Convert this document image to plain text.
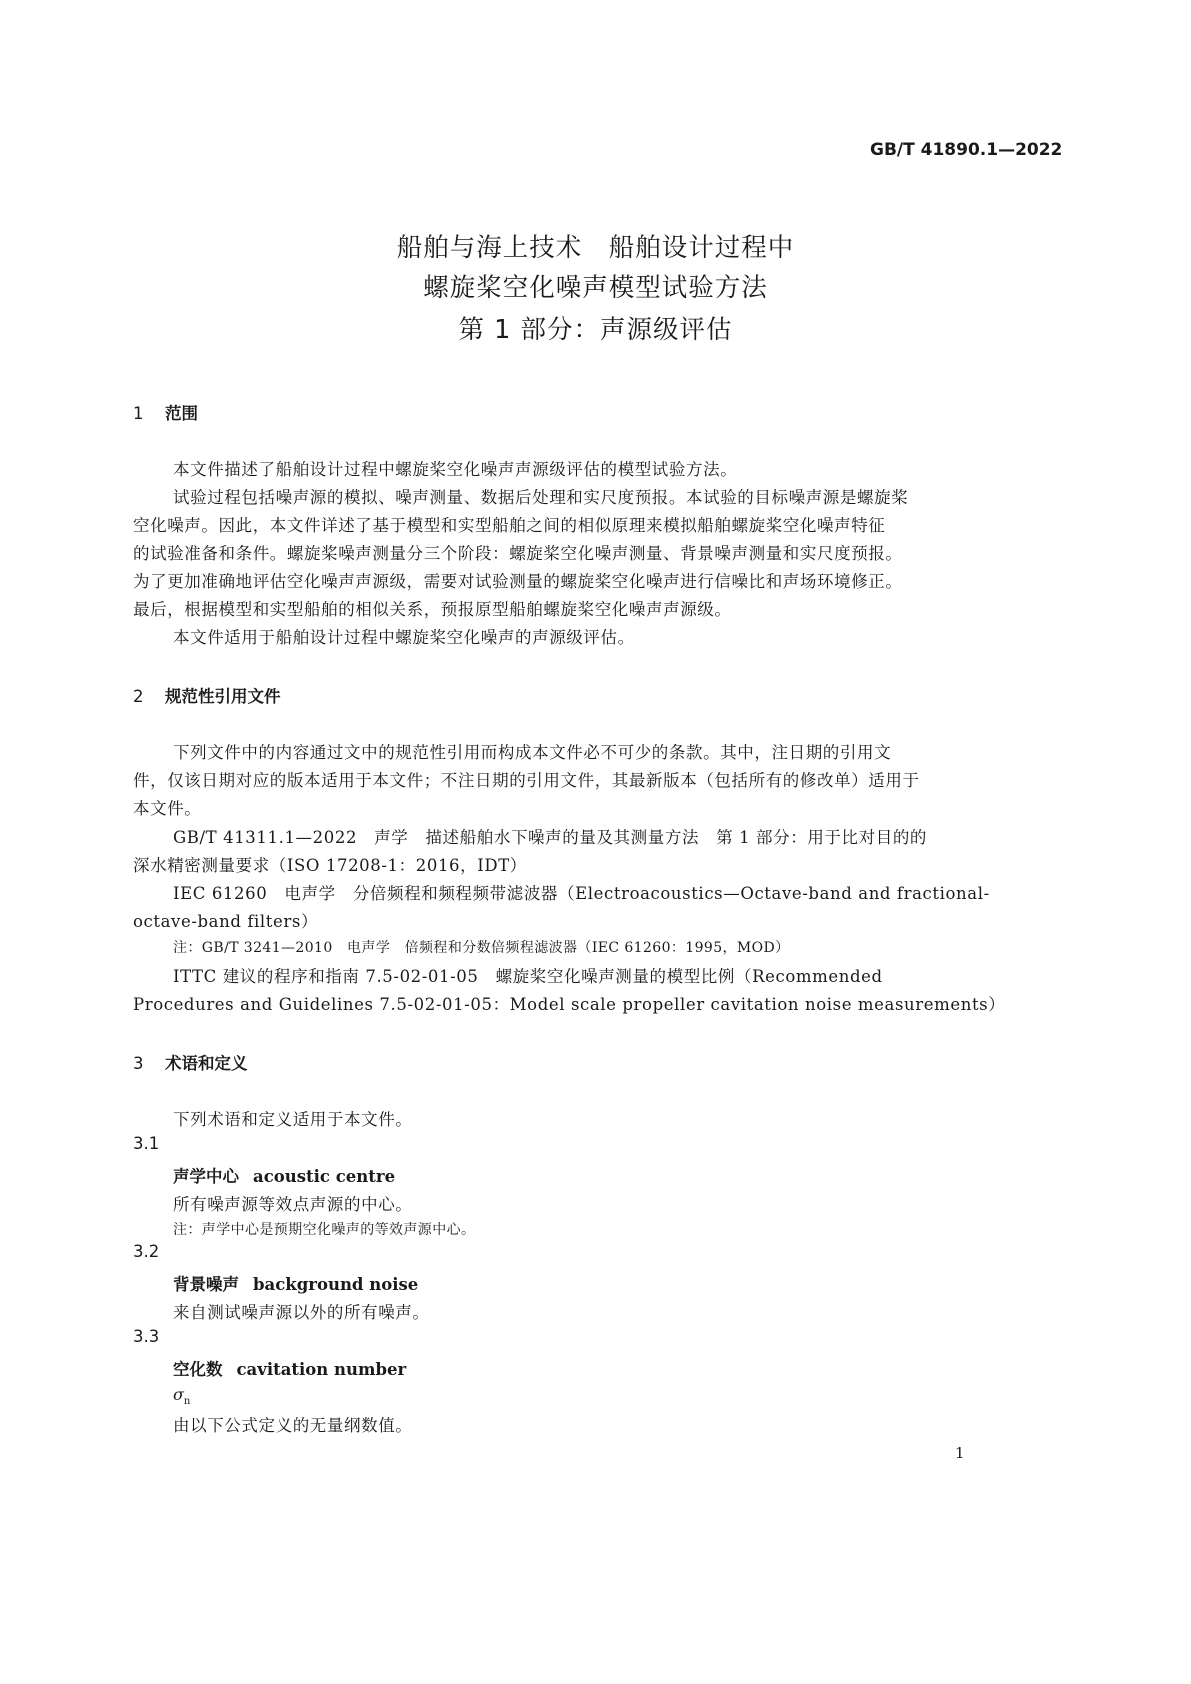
GB/T 41890.1—2022
船舶与海上技术　船舶设计过程中
螺旋桨空化噪声模型试验方法
第 1 部分：声源级评估
1 范围
本文件描述了船舶设计过程中螺旋桨空化噪声声源级评估的模型试验方法。
试验过程包括噪声源的模拟、噪声测量、数据后处理和实尺度预报。本试验的目标噪声源是螺旋桨
空化噪声。因此，本文件详述了基于模型和实型船舶之间的相似原理来模拟船舶螺旋桨空化噪声特征
的试验准备和条件。螺旋桨噪声测量分三个阶段：螺旋桨空化噪声测量、背景噪声测量和实尺度预报。
为了更加准确地评估空化噪声声源级，需要对试验测量的螺旋桨空化噪声进行信噪比和声场环境修正。
最后，根据模型和实型船舶的相似关系，预报原型船舶螺旋桨空化噪声声源级。
本文件适用于船舶设计过程中螺旋桨空化噪声的声源级评估。
2 规范性引用文件
下列文件中的内容通过文中的规范性引用而构成本文件必不可少的条款。其中，注日期的引用文
件，仅该日期对应的版本适用于本文件；不注日期的引用文件，其最新版本（包括所有的修改单）适用于
本文件。
GB/T 41311.1—2022　声学　描述船舶水下噪声的量及其测量方法　第 1 部分：用于比对目的的
深水精密测量要求（ISO 17208-1：2016，IDT）
IEC 61260　电声学　分倍频程和频程频带滤波器（Electroacoustics—Octave-band and fractional-
octave-band filters）
注：GB/T 3241—2010　电声学　倍频程和分数倍频程滤波器（IEC 61260：1995，MOD）
ITTC 建议的程序和指南 7.5-02-01-05　螺旋桨空化噪声测量的模型比例（Recommended
Procedures and Guidelines 7.5-02-01-05：Model scale propeller cavitation noise measurements）
3 术语和定义
下列术语和定义适用于本文件。
3.1
声学中心 acoustic centre
所有噪声源等效点声源的中心。
注：声学中心是预期空化噪声的等效声源中心。
3.2
背景噪声 background noise
来自测试噪声源以外的所有噪声。
3.3
空化数 cavitation number
$\sigma_n$
由以下公式定义的无量纲数值。
1
